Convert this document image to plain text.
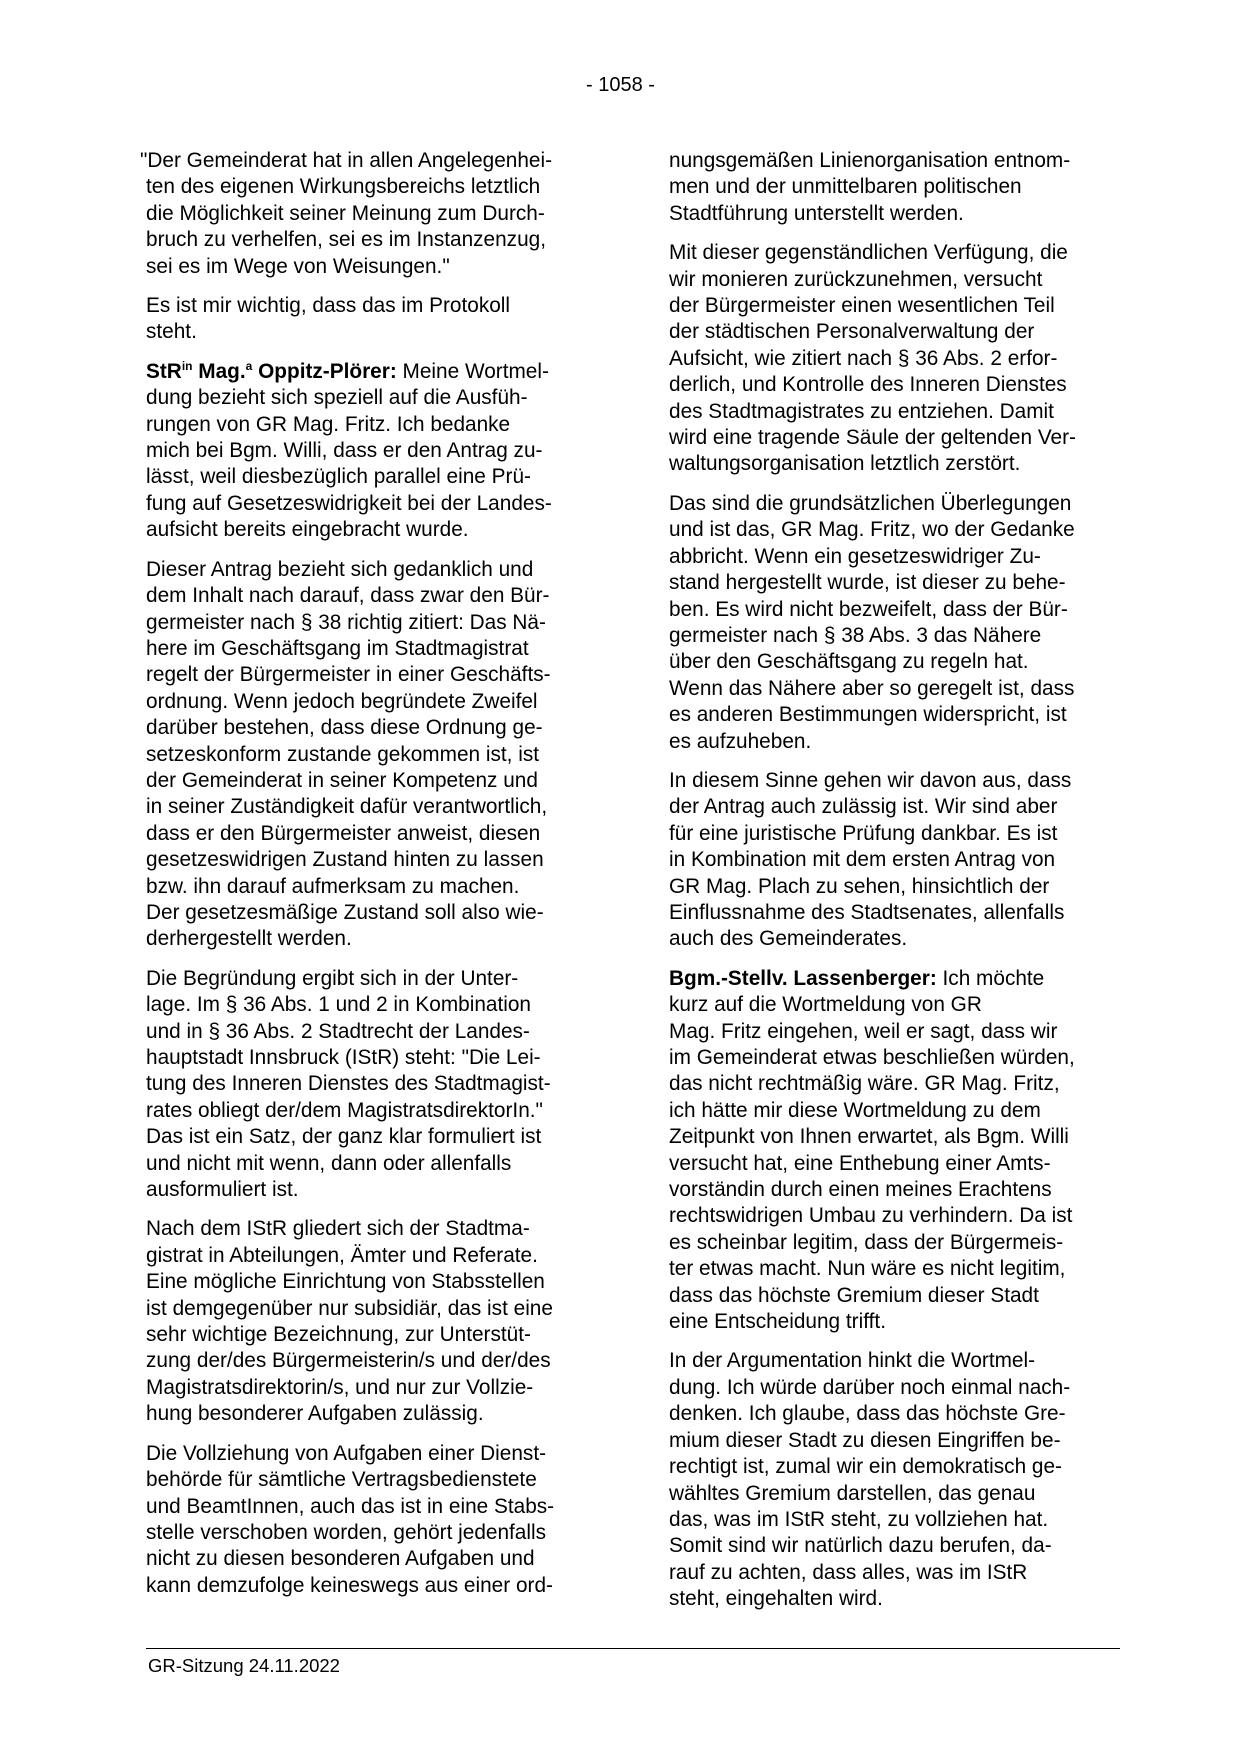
- 1058 -

"Der Gemeinderat hat in allen Angelegenhei-
ten des eigenen Wirkungsbereichs letztlich
die Möglichkeit seiner Meinung zum Durch-
bruch zu verhelfen, sei es im Instanzenzug,
sei es im Wege von Weisungen."

Es ist mir wichtig, dass das im Protokoll
steht.

StR$^{in}$ Mag.$^a$ Oppitz-Plörer: Meine Wortmel-
dung bezieht sich speziell auf die Ausfüh-
rungen von GR Mag. Fritz. Ich bedanke
mich bei Bgm. Willi, dass er den Antrag zu-
lässt, weil diesbezüglich parallel eine Prü-
fung auf Gesetzeswidrigkeit bei der Landes-
aufsicht bereits eingebracht wurde.

Dieser Antrag bezieht sich gedanklich und
dem Inhalt nach darauf, dass zwar den Bür-
germeister nach § 38 richtig zitiert: Das Nä-
here im Geschäftsgang im Stadtmagistrat
regelt der Bürgermeister in einer Geschäfts-
ordnung. Wenn jedoch begründete Zweifel
darüber bestehen, dass diese Ordnung ge-
setzeskonform zustande gekommen ist, ist
der Gemeinderat in seiner Kompetenz und
in seiner Zuständigkeit dafür verantwortlich,
dass er den Bürgermeister anweist, diesen
gesetzeswidrigen Zustand hinten zu lassen
bzw. ihn darauf aufmerksam zu machen.
Der gesetzesmäßige Zustand soll also wie-
derhergestellt werden.

Die Begründung ergibt sich in der Unter-
lage. Im § 36 Abs. 1 und 2 in Kombination
und in § 36 Abs. 2 Stadtrecht der Landes-
hauptstadt Innsbruck (IStR) steht: "Die Lei-
tung des Inneren Dienstes des Stadtmagist-
rates obliegt der/dem MagistratsdirektorIn."
Das ist ein Satz, der ganz klar formuliert ist
und nicht mit wenn, dann oder allenfalls
ausformuliert ist.

Nach dem IStR gliedert sich der Stadtma-
gistrat in Abteilungen, Ämter und Referate.
Eine mögliche Einrichtung von Stabsstellen
ist demgegenüber nur subsidiär, das ist eine
sehr wichtige Bezeichnung, zur Unterstüt-
zung der/des Bürgermeisterin/s und der/des
Magistratsdirektorin/s, und nur zur Vollzie-
hung besonderer Aufgaben zulässig.

Die Vollziehung von Aufgaben einer Dienst-
behörde für sämtliche Vertragsbedienstete
und BeamtInnen, auch das ist in eine Stabs-
stelle verschoben worden, gehört jedenfalls
nicht zu diesen besonderen Aufgaben und
kann demzufolge keineswegs aus einer ord-

nungsgemäßen Linienorganisation entnom-
men und der unmittelbaren politischen
Stadtführung unterstellt werden.

Mit dieser gegenständlichen Verfügung, die
wir monieren zurückzunehmen, versucht
der Bürgermeister einen wesentlichen Teil
der städtischen Personalverwaltung der
Aufsicht, wie zitiert nach § 36 Abs. 2 erfor-
derlich, und Kontrolle des Inneren Dienstes
des Stadtmagistrates zu entziehen. Damit
wird eine tragende Säule der geltenden Ver-
waltungsorganisation letztlich zerstört.

Das sind die grundsätzlichen Überlegungen
und ist das, GR Mag. Fritz, wo der Gedanke
abbricht. Wenn ein gesetzeswidriger Zu-
stand hergestellt wurde, ist dieser zu behe-
ben. Es wird nicht bezweifelt, dass der Bür-
germeister nach § 38 Abs. 3 das Nähere
über den Geschäftsgang zu regeln hat.
Wenn das Nähere aber so geregelt ist, dass
es anderen Bestimmungen widerspricht, ist
es aufzuheben.

In diesem Sinne gehen wir davon aus, dass
der Antrag auch zulässig ist. Wir sind aber
für eine juristische Prüfung dankbar. Es ist
in Kombination mit dem ersten Antrag von
GR Mag. Plach zu sehen, hinsichtlich der
Einflussnahme des Stadtsenates, allenfalls
auch des Gemeinderates.

Bgm.-Stellv. Lassenberger: Ich möchte
kurz auf die Wortmeldung von GR
Mag. Fritz eingehen, weil er sagt, dass wir
im Gemeinderat etwas beschließen würden,
das nicht rechtmäßig wäre. GR Mag. Fritz,
ich hätte mir diese Wortmeldung zu dem
Zeitpunkt von Ihnen erwartet, als Bgm. Willi
versucht hat, eine Enthebung einer Amts-
vorständin durch einen meines Erachtens
rechtswidrigen Umbau zu verhindern. Da ist
es scheinbar legitim, dass der Bürgermeis-
ter etwas macht. Nun wäre es nicht legitim,
dass das höchste Gremium dieser Stadt
eine Entscheidung trifft.

In der Argumentation hinkt die Wortmel-
dung. Ich würde darüber noch einmal nach-
denken. Ich glaube, dass das höchste Gre-
mium dieser Stadt zu diesen Eingriffen be-
rechtigt ist, zumal wir ein demokratisch ge-
wähltes Gremium darstellen, das genau
das, was im IStR steht, zu vollziehen hat.
Somit sind wir natürlich dazu berufen, da-
rauf zu achten, dass alles, was im IStR
steht, eingehalten wird.

GR-Sitzung 24.11.2022
